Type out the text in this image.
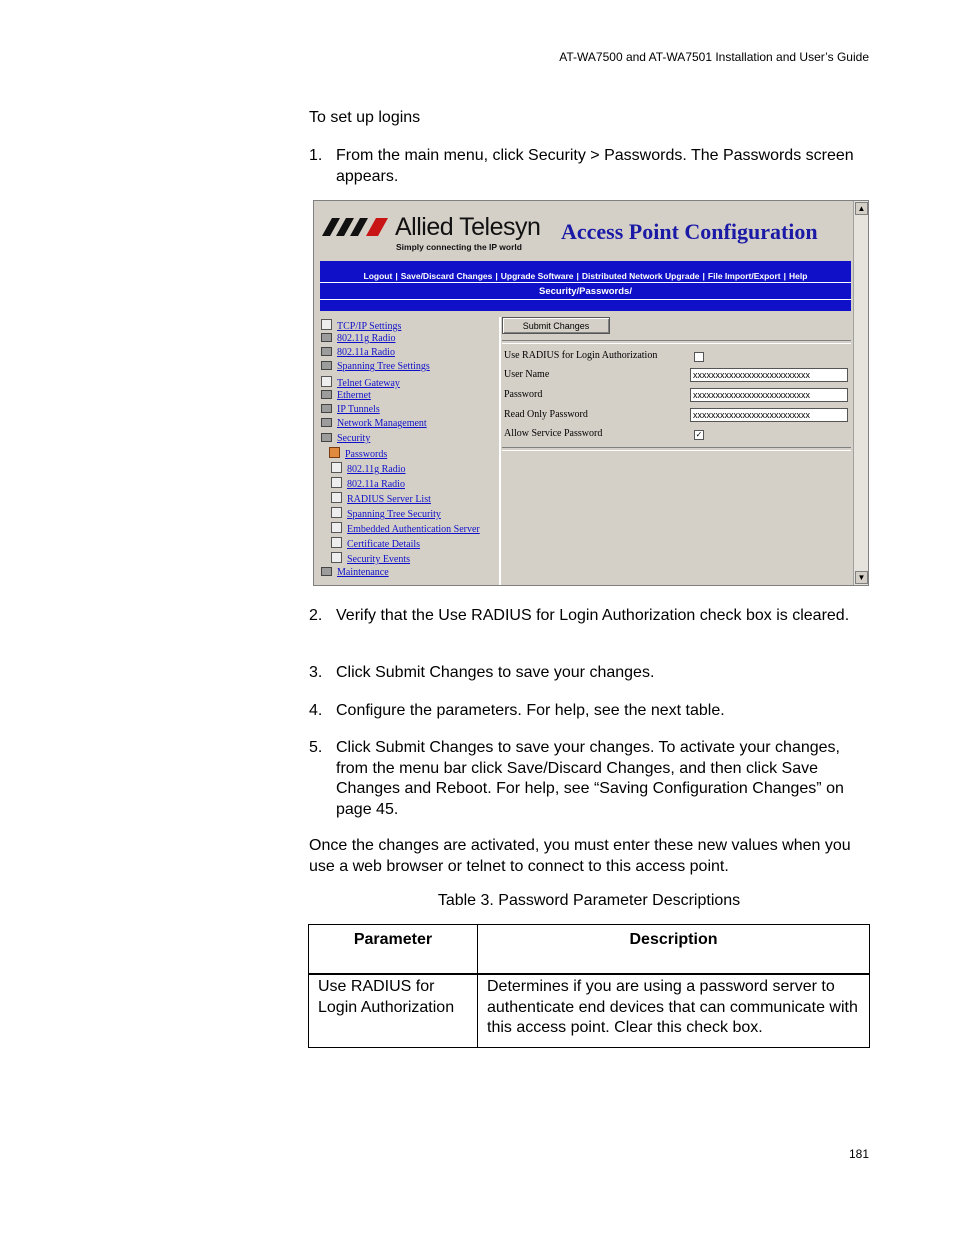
AT-WA7500 and AT-WA7501 Installation and User’s Guide
To set up logins
1. From the main menu, click Security > Passwords. The Passwords screen appears.
▲
▼
Allied Telesyn
Simply connecting the IP world
Access Point Configuration
Logout | Save/Discard Changes | Upgrade Software | Distributed Network Upgrade | File Import/Export | Help
Security/Passwords/
TCP/IP Settings
802.11g Radio
802.11a Radio
Spanning Tree Settings
Telnet Gateway
Ethernet
IP Tunnels
Network Management
Security
Passwords
802.11g Radio
802.11a Radio
RADIUS Server List
Spanning Tree Security
Embedded Authentication Server
Certificate Details
Security Events
Maintenance
Submit Changes
Use RADIUS for Login Authorization
User Name	xxxxxxxxxxxxxxxxxxxxxxxxxx
Password	xxxxxxxxxxxxxxxxxxxxxxxxxx
Read Only Password	xxxxxxxxxxxxxxxxxxxxxxxxxx
Allow Service Password	✓
2. Verify that the Use RADIUS for Login Authorization check box is cleared.
3. Click Submit Changes to save your changes.
4. Configure the parameters. For help, see the next table.
5. Click Submit Changes to save your changes. To activate your changes, from the menu bar click Save/Discard Changes, and then click Save Changes and Reboot. For help, see “Saving Configuration Changes” on page 45.
Once the changes are activated, you must enter these new values when you use a web browser or telnet to connect to this access point.
Table 3. Password Parameter Descriptions
Parameter	Description

Use RADIUS for Login Authorization	Determines if you are using a password server to authenticate end devices that can communicate with this access point. Clear this check box.
181
